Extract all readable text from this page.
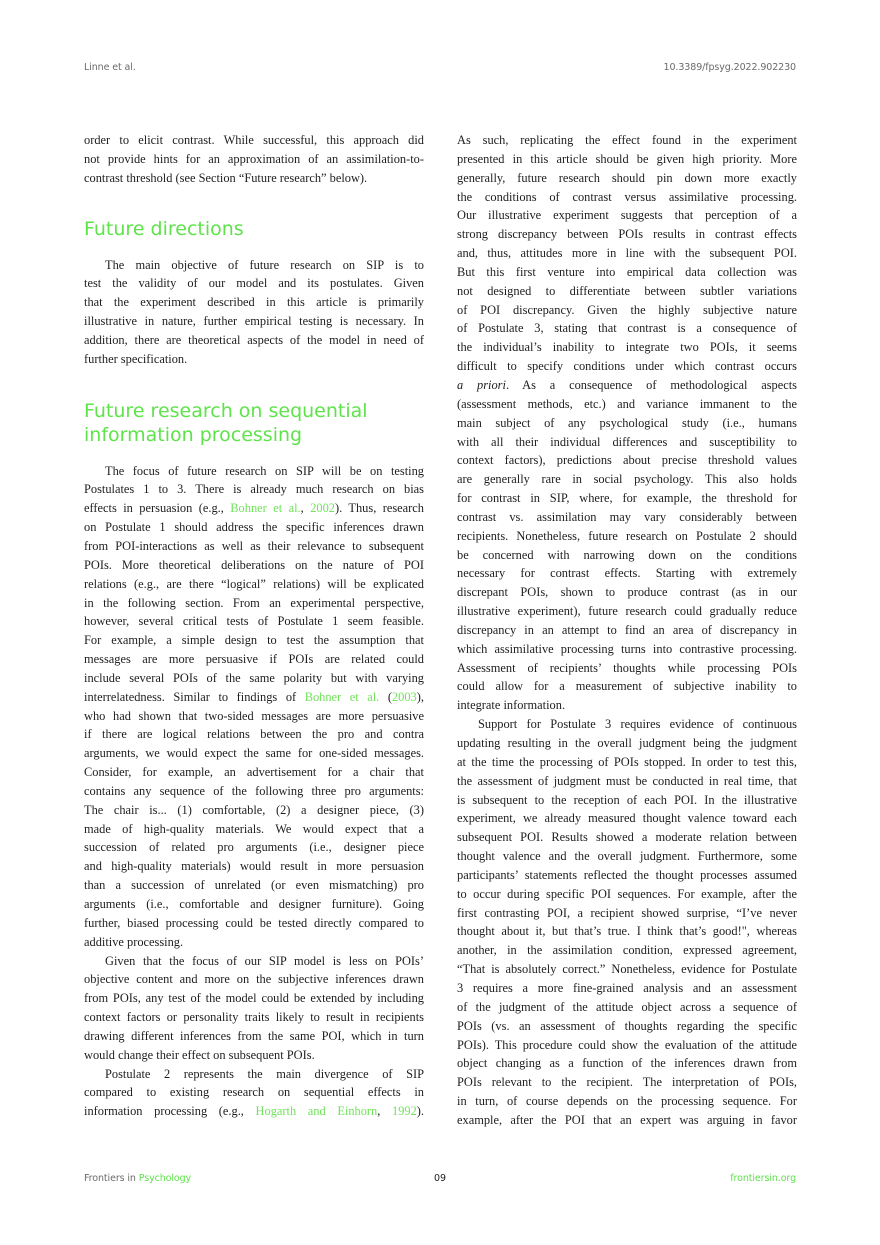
Linne et al.	10.3389/fpsyg.2022.902230
order to elicit contrast. While successful, this approach did
not provide hints for an approximation of an assimilation-to-
contrast threshold (see Section “Future research” below).
Future directions
The main objective of future research on SIP is to
test the validity of our model and its postulates. Given
that the experiment described in this article is primarily
illustrative in nature, further empirical testing is necessary. In
addition, there are theoretical aspects of the model in need of
further specification.
Future research on sequential
information processing
The focus of future research on SIP will be on testing
Postulates 1 to 3. There is already much research on bias
effects in persuasion (e.g., Bohner et al., 2002). Thus, research
on Postulate 1 should address the specific inferences drawn
from POI-interactions as well as their relevance to subsequent
POIs. More theoretical deliberations on the nature of POI
relations (e.g., are there “logical” relations) will be explicated
in the following section. From an experimental perspective,
however, several critical tests of Postulate 1 seem feasible.
For example, a simple design to test the assumption that
messages are more persuasive if POIs are related could
include several POIs of the same polarity but with varying
interrelatedness. Similar to findings of Bohner et al. (2003),
who had shown that two-sided messages are more persuasive
if there are logical relations between the pro and contra
arguments, we would expect the same for one-sided messages.
Consider, for example, an advertisement for a chair that
contains any sequence of the following three pro arguments:
The chair is... (1) comfortable, (2) a designer piece, (3)
made of high-quality materials. We would expect that a
succession of related pro arguments (i.e., designer piece
and high-quality materials) would result in more persuasion
than a succession of unrelated (or even mismatching) pro
arguments (i.e., comfortable and designer furniture). Going
further, biased processing could be tested directly compared to
additive processing.
Given that the focus of our SIP model is less on POIs’
objective content and more on the subjective inferences drawn
from POIs, any test of the model could be extended by including
context factors or personality traits likely to result in recipients
drawing different inferences from the same POI, which in turn
would change their effect on subsequent POIs.
Postulate 2 represents the main divergence of SIP
compared to existing research on sequential effects in
information processing (e.g., Hogarth and Einhorn, 1992).
As such, replicating the effect found in the experiment
presented in this article should be given high priority. More
generally, future research should pin down more exactly
the conditions of contrast versus assimilative processing.
Our illustrative experiment suggests that perception of a
strong discrepancy between POIs results in contrast effects
and, thus, attitudes more in line with the subsequent POI.
But this first venture into empirical data collection was
not designed to differentiate between subtler variations
of POI discrepancy. Given the highly subjective nature
of Postulate 3, stating that contrast is a consequence of
the individual’s inability to integrate two POIs, it seems
difficult to specify conditions under which contrast occurs
a priori. As a consequence of methodological aspects
(assessment methods, etc.) and variance immanent to the
main subject of any psychological study (i.e., humans
with all their individual differences and susceptibility to
context factors), predictions about precise threshold values
are generally rare in social psychology. This also holds
for contrast in SIP, where, for example, the threshold for
contrast vs. assimilation may vary considerably between
recipients. Nonetheless, future research on Postulate 2 should
be concerned with narrowing down on the conditions
necessary for contrast effects. Starting with extremely
discrepant POIs, shown to produce contrast (as in our
illustrative experiment), future research could gradually reduce
discrepancy in an attempt to find an area of discrepancy in
which assimilative processing turns into contrastive processing.
Assessment of recipients’ thoughts while processing POIs
could allow for a measurement of subjective inability to
integrate information.
Support for Postulate 3 requires evidence of continuous
updating resulting in the overall judgment being the judgment
at the time the processing of POIs stopped. In order to test this,
the assessment of judgment must be conducted in real time, that
is subsequent to the reception of each POI. In the illustrative
experiment, we already measured thought valence toward each
subsequent POI. Results showed a moderate relation between
thought valence and the overall judgment. Furthermore, some
participants’ statements reflected the thought processes assumed
to occur during specific POI sequences. For example, after the
first contrasting POI, a recipient showed surprise, “I’ve never
thought about it, but that’s true. I think that’s good!", whereas
another, in the assimilation condition, expressed agreement,
“That is absolutely correct.” Nonetheless, evidence for Postulate
3 requires a more fine-grained analysis and an assessment
of the judgment of the attitude object across a sequence of
POIs (vs. an assessment of thoughts regarding the specific
POIs). This procedure could show the evaluation of the attitude
object changing as a function of the inferences drawn from
POIs relevant to the recipient. The interpretation of POIs,
in turn, of course depends on the processing sequence. For
example, after the POI that an expert was arguing in favor
Frontiers in Psychology	09	frontiersin.org
